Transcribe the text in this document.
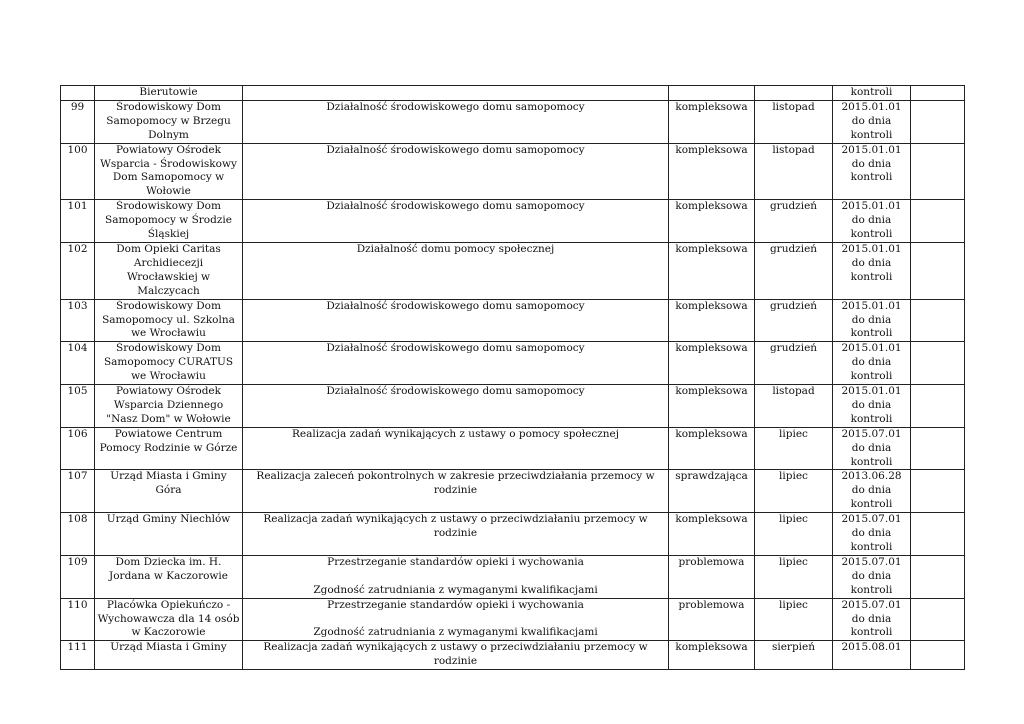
	Bierutowie				kontroli	
99	Środowiskowy Dom Samopomocy w Brzegu Dolnym	Działalność środowiskowego domu samopomocy	kompleksowa	listopad	2015.01.01
do dnia
kontroli	
100	Powiatowy Ośrodek Wsparcia - Środowiskowy Dom Samopomocy w Wołowie	Działalność środowiskowego domu samopomocy	kompleksowa	listopad	2015.01.01
do dnia
kontroli	
101	Środowiskowy Dom Samopomocy w Środzie Śląskiej	Działalność środowiskowego domu samopomocy	kompleksowa	grudzień	2015.01.01
do dnia
kontroli	
102	Dom Opieki Caritas Archidiecezji Wrocławskiej w Malczycach	Działalność domu pomocy społecznej	kompleksowa	grudzień	2015.01.01
do dnia
kontroli	
103	Środowiskowy Dom Samopomocy ul. Szkolna we Wrocławiu	Działalność środowiskowego domu samopomocy	kompleksowa	grudzień	2015.01.01
do dnia
kontroli	
104	Środowiskowy Dom Samopomocy CURATUS we Wrocławiu	Działalność środowiskowego domu samopomocy	kompleksowa	grudzień	2015.01.01
do dnia
kontroli	
105	Powiatowy Ośrodek Wsparcia Dziennego "Nasz Dom" w Wołowie	Działalność środowiskowego domu samopomocy	kompleksowa	listopad	2015.01.01
do dnia
kontroli	
106	Powiatowe Centrum Pomocy Rodzinie w Górze	Realizacja zadań wynikających z ustawy o pomocy społecznej	kompleksowa	lipiec	2015.07.01
do dnia
kontroli	
107	Urząd Miasta i Gminy Góra	Realizacja zaleceń pokontrolnych w zakresie przeciwdziałania przemocy w rodzinie	sprawdzająca	lipiec	2013.06.28
do dnia
kontroli	
108	Urząd Gminy Niechlów	Realizacja zadań wynikających z ustawy o przeciwdziałaniu przemocy w rodzinie	kompleksowa	lipiec	2015.07.01
do dnia
kontroli	
109	Dom Dziecka im. H. Jordana w Kaczorowie	Przestrzeganie standardów opieki i wychowania

Zgodność zatrudniania z wymaganymi kwalifikacjami	problemowa	lipiec	2015.07.01
do dnia
kontroli	
110	Placówka Opiekuńczo - Wychowawcza dla 14 osób w Kaczorowie	Przestrzeganie standardów opieki i wychowania

Zgodność zatrudniania z wymaganymi kwalifikacjami	problemowa	lipiec	2015.07.01
do dnia
kontroli	
111	Urząd Miasta i Gminy	Realizacja zadań wynikających z ustawy o przeciwdziałaniu przemocy w rodzinie	kompleksowa	sierpień	2015.08.01	
